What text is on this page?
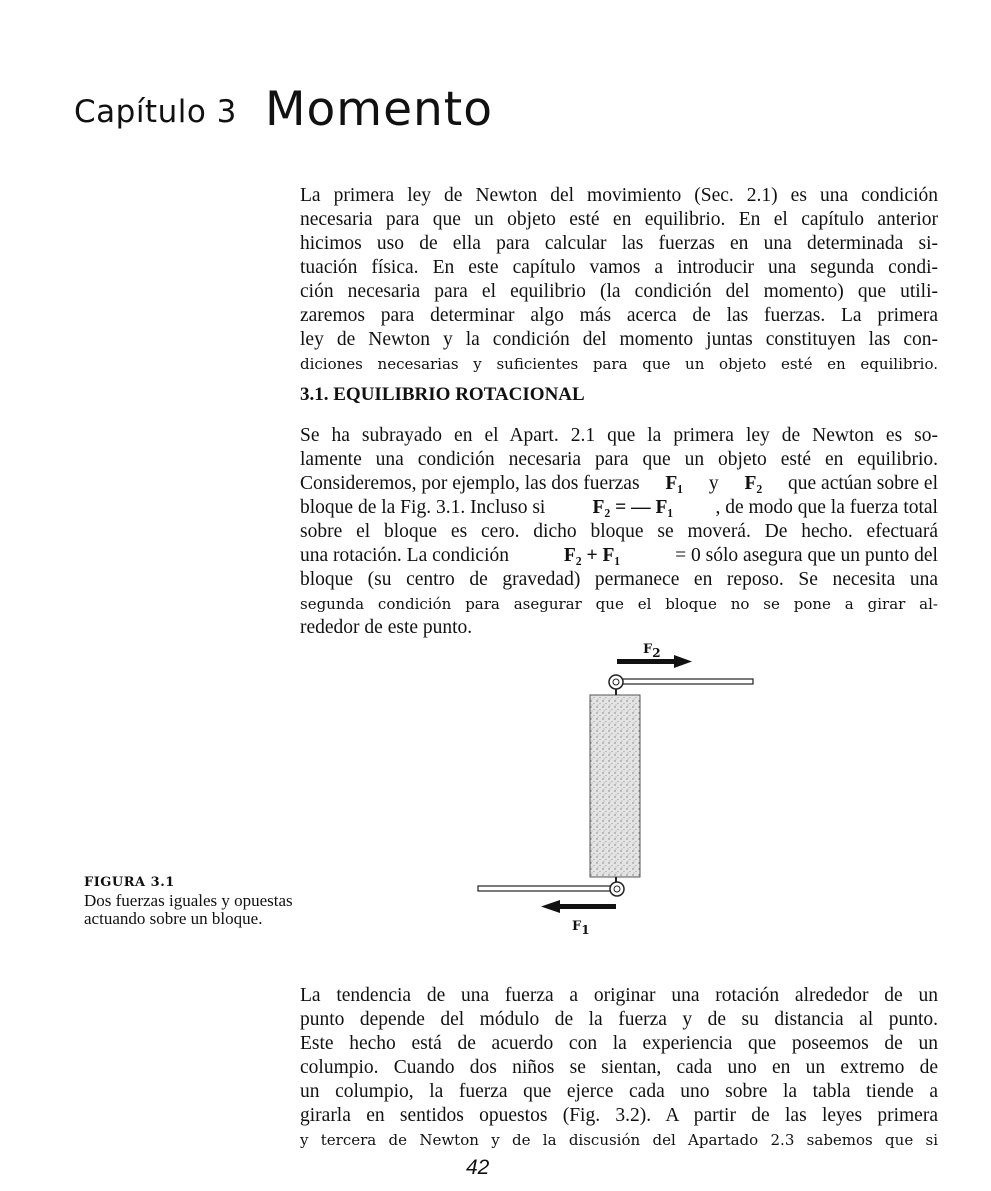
Capítulo 3 Momento
La primera ley de Newton del movimiento (Sec. 2.1) es una condición
necesaria para que un objeto esté en equilibrio. En el capítulo anterior
hicimos uso de ella para calcular las fuerzas en una determinada si-
tuación física. En este capítulo vamos a introducir una segunda condi-
ción necesaria para el equilibrio (la condición del momento) que utili-
zaremos para determinar algo más acerca de las fuerzas. La primera
ley de Newton y la condición del momento juntas constituyen las con-
diciones necesarias y suficientes para que un objeto esté en equilibrio.
3.1. EQUILIBRIO ROTACIONAL
Se ha subrayado en el Apart. 2.1 que la primera ley de Newton es so-
lamente una condición necesaria para que un objeto esté en equilibrio.
Consideremos, por ejemplo, las dos fuerzas F₁ y F₂ que actúan sobre el
bloque de la Fig. 3.1. Incluso si F₂ = — F₁ , de modo que la fuerza total
sobre el bloque es cero. dicho bloque se moverá. De hecho. efectuará
una rotación. La condición	F₂ + F₁	= 0 sólo asegura que un punto del
bloque (su centro de gravedad) permanece en reposo. Se necesita una
segunda condición para asegurar que el bloque no se pone a girar al-
rededor de este punto.
F2
F1
FIGURA 3.1
Dos fuerzas iguales y opuestas
actuando sobre un bloque.
La tendencia de una fuerza a originar una rotación alrededor de un
punto depende del módulo de la fuerza y de su distancia al punto.
Este hecho está de acuerdo con la experiencia que poseemos de un
columpio. Cuando dos niños se sientan, cada uno en un extremo de
un columpio, la fuerza que ejerce cada uno sobre la tabla tiende a
girarla en sentidos opuestos (Fig. 3.2). A partir de las leyes primera
y tercera de Newton y de la discusión del Apartado 2.3 sabemos que si
42
